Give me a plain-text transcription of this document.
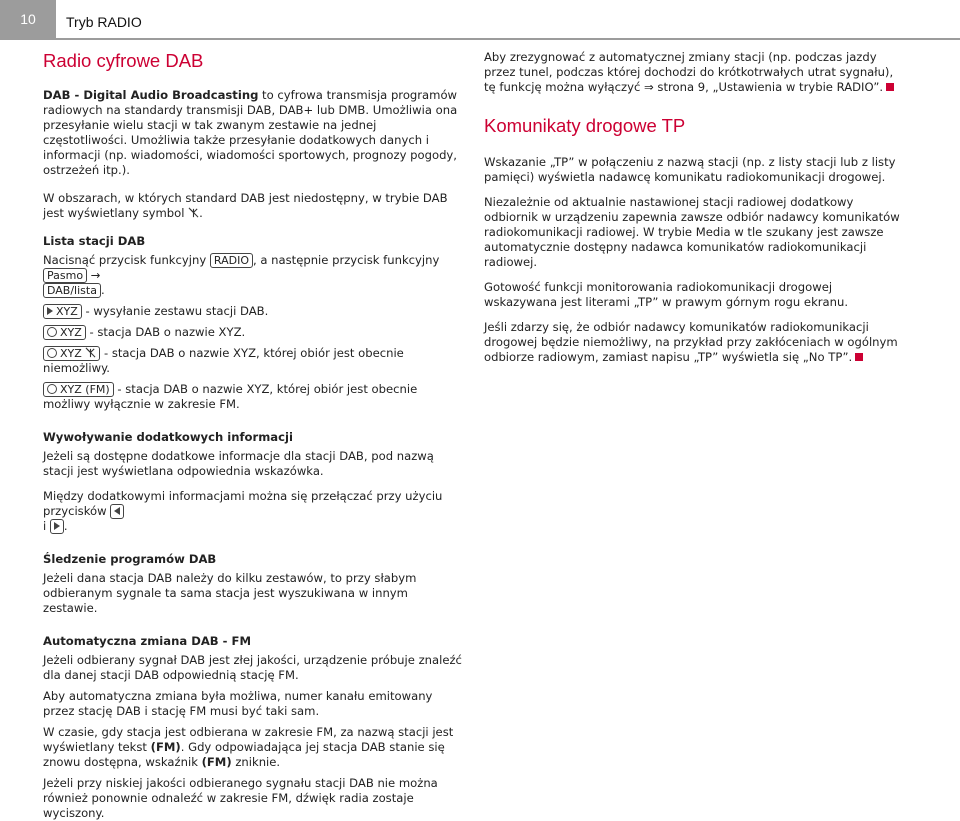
10	Tryb RADIO
Radio cyfrowe DAB

DAB - Digital Audio Broadcasting to cyfrowa transmisja programów radiowych na standardy transmisji DAB, DAB+ lub DMB. Umożliwia ona przesyłanie wielu stacji w tak zwanym zestawie na jednej częstotliwości. Umożliwia także przesyłanie dodatkowych danych i informacji (np. wiadomości, wiadomości sportowych, prognozy pogody, ostrzeżeń itp.).

W obszarach, w których standard DAB jest niedostępny, w trybie DAB jest wyświetlany symbol .

Lista stacji DAB

Nacisnąć przycisk funkcyjny RADIO , a następnie przycisk funkcyjny Pasmo →
DAB/lista .

XYZ - wysyłanie zestawu stacji DAB.

XYZ - stacja DAB o nazwie XYZ.

XYZ  - stacja DAB o nazwie XYZ, której obiór jest obecnie niemożliwy.

XYZ (FM) - stacja DAB o nazwie XYZ, której obiór jest obecnie możliwy wyłącznie w zakresie FM.

Wywoływanie dodatkowych informacji

Jeżeli są dostępne dodatkowe informacje dla stacji DAB, pod nazwą stacji jest wyświetlana odpowiednia wskazówka.

Między dodatkowymi informacjami można się przełączać przy użyciu przycisków
i .

Śledzenie programów DAB

Jeżeli dana stacja DAB należy do kilku zestawów, to przy słabym odbieranym sygnale ta sama stacja jest wyszukiwana w innym zestawie.

Automatyczna zmiana DAB - FM

Jeżeli odbierany sygnał DAB jest złej jakości, urządzenie próbuje znaleźć dla danej stacji DAB odpowiednią stację FM.

Aby automatyczna zmiana była możliwa, numer kanału emitowany przez stację DAB i stację FM musi być taki sam.

W czasie, gdy stacja jest odbierana w zakresie FM, za nazwą stacji jest wyświetlany tekst (FM). Gdy odpowiadająca jej stacja DAB stanie się znowu dostępna, wskaźnik (FM) zniknie.

Jeżeli przy niskiej jakości odbieranego sygnału stacji DAB nie można również ponownie odnaleźć w zakresie FM, dźwięk radia zostaje wyciszony.

Aby zrezygnować z automatycznej zmiany stacji (np. podczas jazdy przez tunel, podczas której dochodzi do krótkotrwałych utrat sygnału), tę funkcję można wyłączyć ⇒ strona 9, „Ustawienia w trybie RADIO”.

Komunikaty drogowe TP

Wskazanie „TP” w połączeniu z nazwą stacji (np. z listy stacji lub z listy pamięci) wyświetla nadawcę komunikatu radiokomunikacji drogowej.

Niezależnie od aktualnie nastawionej stacji radiowej dodatkowy odbiornik w urządzeniu zapewnia zawsze odbiór nadawcy komunikatów radiokomunikacji radiowej. W trybie Media w tle szukany jest zawsze automatycznie dostępny nadawca komunikatów radiokomunikacji radiowej.

Gotowość funkcji monitorowania radiokomunikacji drogowej wskazywana jest literami „TP” w prawym górnym rogu ekranu.

Jeśli zdarzy się, że odbiór nadawcy komunikatów radiokomunikacji drogowej będzie niemożliwy, na przykład przy zakłóceniach w ogólnym odbiorze radiowym, zamiast napisu „TP” wyświetla się „No TP”.
